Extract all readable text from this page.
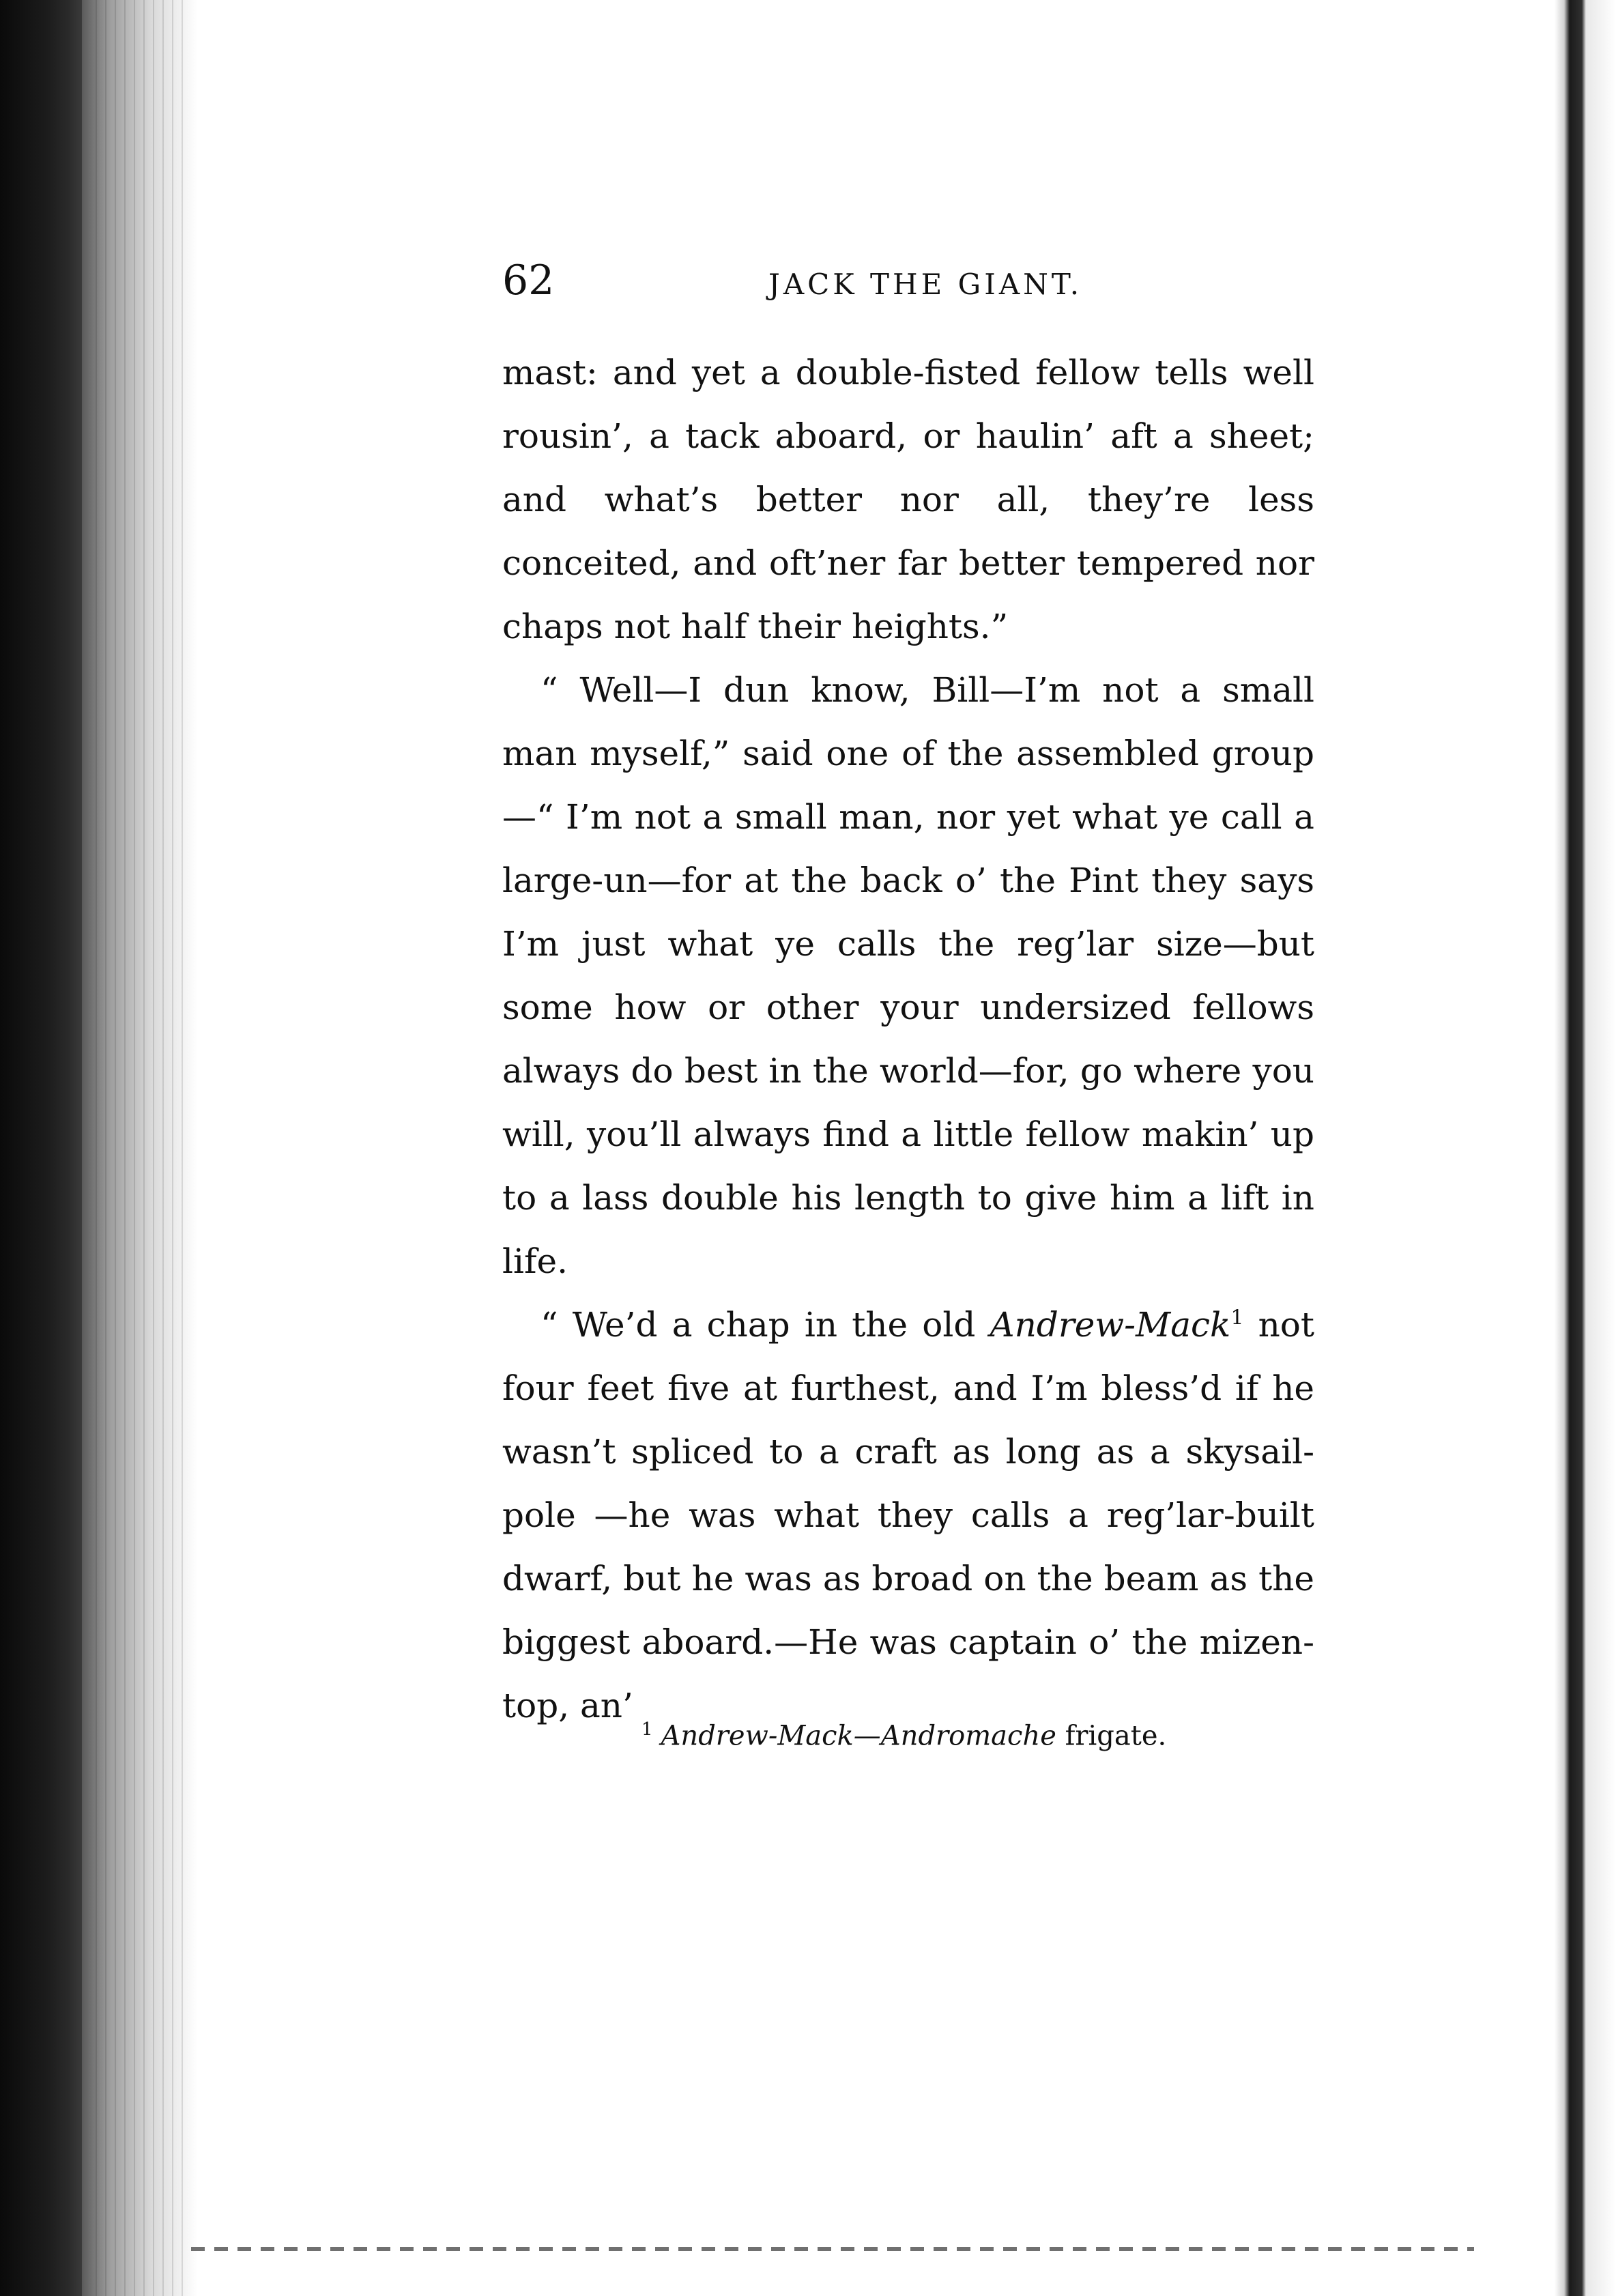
62	JACK THE GIANT.

mast: and yet a double-fisted fellow tells well rousin’, a tack aboard, or haulin’ aft a sheet; and what’s better nor all, they’re less conceited, and oft’ner far better tempered nor chaps not half their heights.”

“ Well—I dun know, Bill—I’m not a small man myself,” said one of the assembled group—“ I’m not a small man, nor yet what ye call a large-un—for at the back o’ the Pint they says I’m just what ye calls the reg’lar size—but some how or other your undersized fellows always do best in the world—for, go where you will, you’ll always find a little fellow makin’ up to a lass double his length to give him a lift in life.

“ We’d a chap in the old Andrew-Mack$^1$ not four feet five at furthest, and I’m bless’d if he wasn’t spliced to a craft as long as a skysail-pole —he was what they calls a reg’lar-built dwarf, but he was as broad on the beam as the biggest aboard.—He was captain o’ the mizen-top, an’

$^1$ Andrew-Mack—Andromache frigate.
